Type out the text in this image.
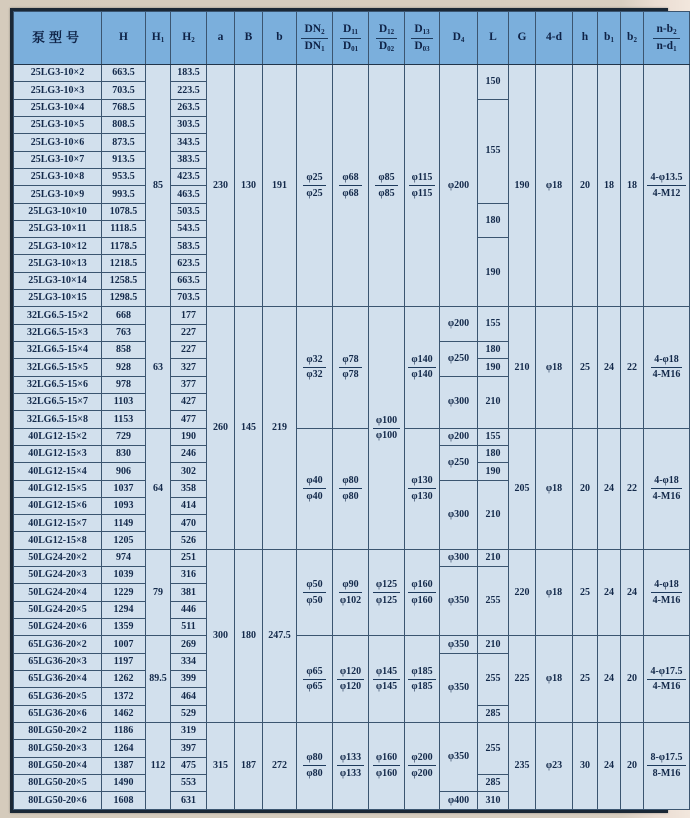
泵型号	H	$H_1$	$H_2$	a	B	b	$\frac{DN_2}{DN_1}$	$\frac{D_{11}}{D_{01}}$	$\frac{D_{12}}{D_{02}}$	$\frac{D_{13}}{D_{03}}$	$D_4$	L	G	4-d	h	$b_1$	$b_2$	$\frac{n-b_2}{n-d_1}$

25LG3-10×2	663.5	85	183.5	230	130	191	$\frac{\varphi 25}{\varphi 25}$	$\frac{\varphi 68}{\varphi 68}$	$\frac{\varphi 85}{\varphi 85}$	$\frac{\varphi 115}{\varphi 115}$	φ200	150	190	φ18	20	18	18	$\frac{4-\varphi 13.5}{4-M12}$

25LG3-10×3	703.5		223.5															
25LG3-10×4	768.5		263.5									155						
25LG3-10×5	808.5		303.5															
25LG3-10×6	873.5		343.5															
25LG3-10×7	913.5		383.5															
25LG3-10×8	953.5		423.5															
25LG3-10×9	993.5		463.5															
25LG3-10×10	1078.5		503.5									180						
25LG3-10×11	1118.5		543.5															
25LG3-10×12	1178.5		583.5									190						
25LG3-10×13	1218.5		623.5															
25LG3-10×14	1258.5		663.5															
25LG3-10×15	1298.5		703.5															
32LG6.5-15×2	668	63	177	260	145	219	$\frac{\varphi 32}{\varphi 32}$	$\frac{\varphi 78}{\varphi 78}$	$\frac{\varphi 100}{\varphi 100}$	$\frac{\varphi 140}{\varphi 140}$	φ200	155	210	φ18	25	24	22	$\frac{4-\varphi 18}{4-M16}$

32LG6.5-15×3	763		227															
32LG6.5-15×4	858		227								φ250	180						
32LG6.5-15×5	928		327									190						
32LG6.5-15×6	978		377								φ300	210						
32LG6.5-15×7	1103		427															
32LG6.5-15×8	1153		477															
40LG12-15×2	729	64	190				$\frac{\varphi 40}{\varphi 40}$	$\frac{\varphi 80}{\varphi 80}$		$\frac{\varphi 130}{\varphi 130}$	φ200	155	205	φ18	20	24	22	$\frac{4-\varphi 18}{4-M16}$

40LG12-15×3	830		246								φ250	180						
40LG12-15×4	906		302									190						
40LG12-15×5	1037		358								φ300	210						
40LG12-15×6	1093		414															
40LG12-15×7	1149		470															
40LG12-15×8	1205		526															
50LG24-20×2	974	79	251	300	180	247.5	$\frac{\varphi 50}{\varphi 50}$	$\frac{\varphi 90}{\varphi 102}$	$\frac{\varphi 125}{\varphi 125}$	$\frac{\varphi 160}{\varphi 160}$	φ300	210	220	φ18	25	24	24	$\frac{4-\varphi 18}{4-M16}$

50LG24-20×3	1039		316								φ350	255						
50LG24-20×4	1229		381															
50LG24-20×5	1294		446															
50LG24-20×6	1359		511															
65LG36-20×2	1007	89.5	269				$\frac{\varphi 65}{\varphi 65}$	$\frac{\varphi 120}{\varphi 120}$	$\frac{\varphi 145}{\varphi 145}$	$\frac{\varphi 185}{\varphi 185}$	φ350	210	225	φ18	25	24	20	$\frac{4-\varphi 17.5}{4-M16}$

65LG36-20×3	1197		334								φ350	255						
65LG36-20×4	1262		399															
65LG36-20×5	1372		464															
65LG36-20×6	1462		529									285						
80LG50-20×2	1186	112	319	315	187	272	$\frac{\varphi 80}{\varphi 80}$	$\frac{\varphi 133}{\varphi 133}$	$\frac{\varphi 160}{\varphi 160}$	$\frac{\varphi 200}{\varphi 200}$	φ350	255	235	φ23	30	24	20	$\frac{8-\varphi 17.5}{8-M16}$

80LG50-20×3	1264		397															
80LG50-20×4	1387		475															
80LG50-20×5	1490		553									285						
80LG50-20×6	1608		631								φ400	310						
